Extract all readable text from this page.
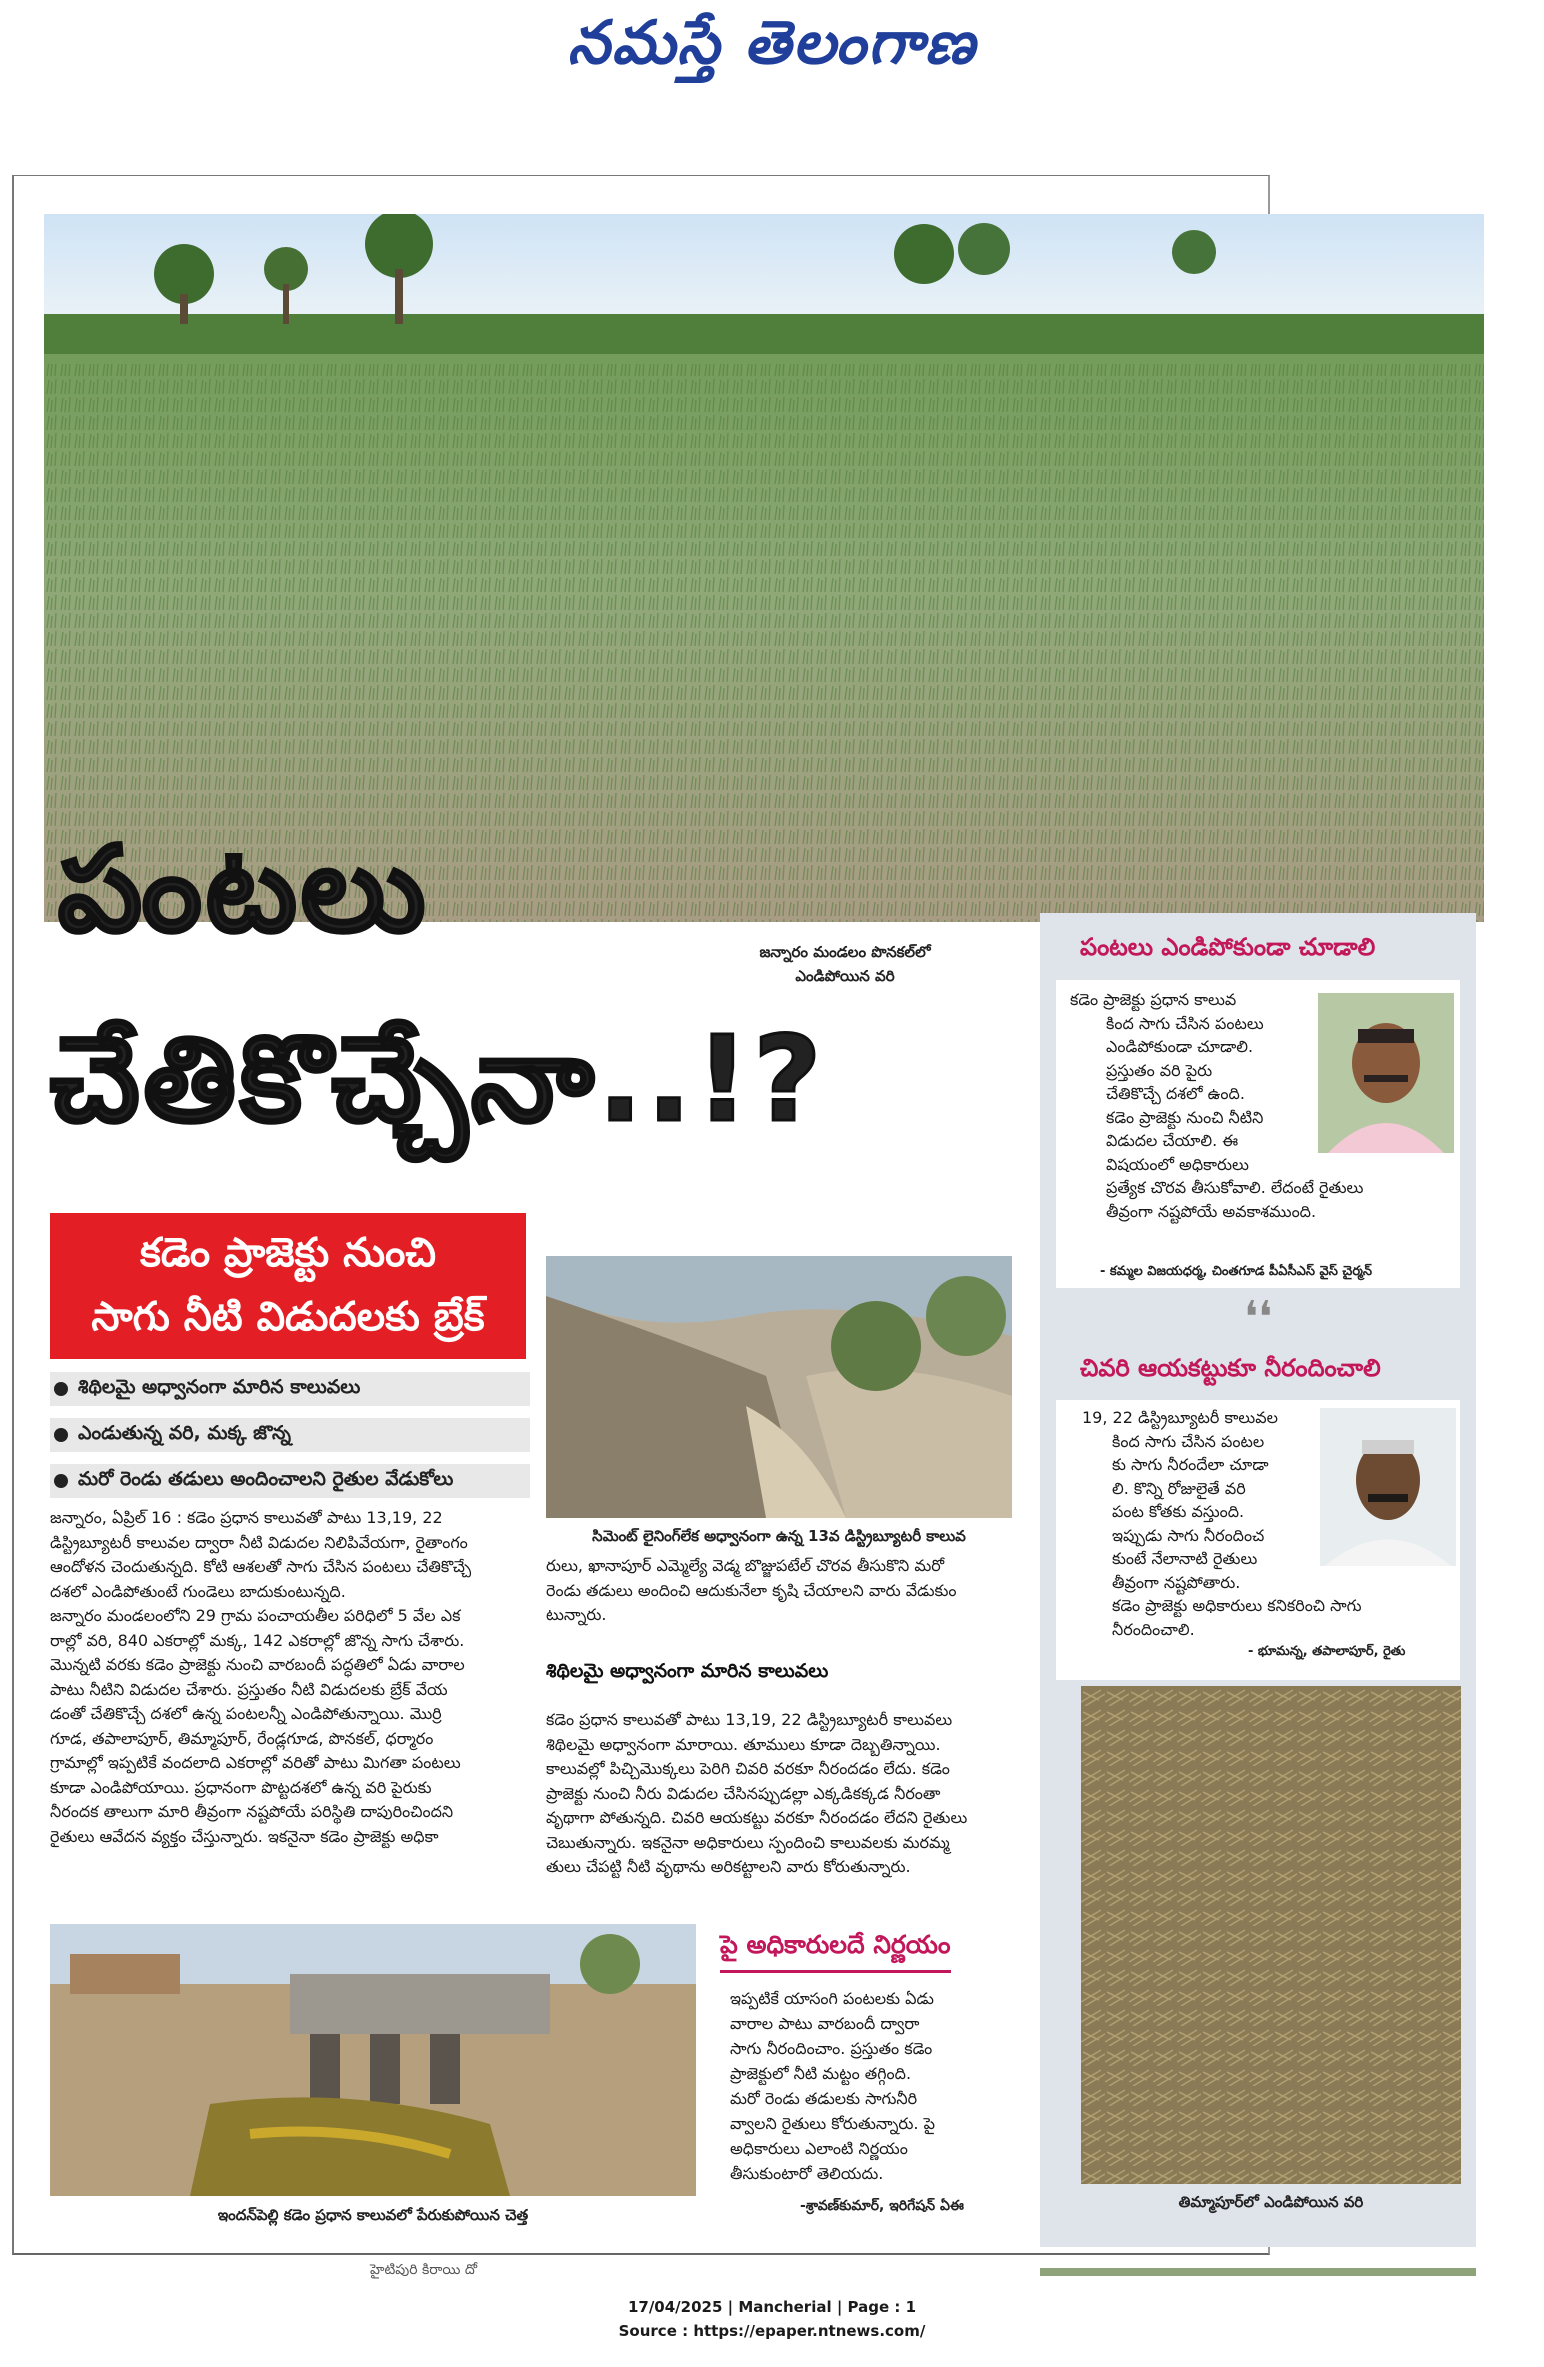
నమస్తే తెలంగాణ
పంటలు
చేతికొచ్చేనా..!?
జన్నారం మండలం పొనకల్‌లో
ఎండిపోయిన వరి
కడెం ప్రాజెక్టు నుంచి
సాగు నీటి విడుదలకు బ్రేక్
శిథిలమై అధ్వానంగా మారిన కాలువలు
ఎండుతున్న వరి, మక్క జొన్న
మరో రెండు తడులు అందించాలని రైతుల వేడుకోలు
జన్నారం, ఏప్రిల్ 16 : కడెం ప్రధాన కాలువతో పాటు 13,19, 22
డిస్ట్రిబ్యూటరీ కాలువల ద్వారా నీటి విడుదల నిలిపివేయగా, రైతాంగం
ఆందోళన చెందుతున్నది. కోటి ఆశలతో సాగు చేసిన పంటలు చేతికొచ్చే
దశలో ఎండిపోతుంటే గుండెలు బాదుకుంటున్నది.
జన్నారం మండలంలోని 29 గ్రామ పంచాయతీల పరిధిలో 5 వేల ఎక
రాల్లో వరి, 840 ఎకరాల్లో మక్క, 142 ఎకరాల్లో జొన్న సాగు చేశారు.
మొన్నటి వరకు కడెం ప్రాజెక్టు నుంచి వారబందీ పద్ధతిలో ఏడు వారాల
పాటు నీటిని విడుదల చేశారు. ప్రస్తుతం నీటి విడుదలకు బ్రేక్ వేయ
డంతో చేతికొచ్చే దశలో ఉన్న పంటలన్నీ ఎండిపోతున్నాయి. మొర్రి
గూడ, తపాలాపూర్, తిమ్మాపూర్, రేండ్లగూడ, పొనకల్, ధర్మారం
గ్రామాల్లో ఇప్పటికే వందలాది ఎకరాల్లో వరితో పాటు మిగతా పంటలు
కూడా ఎండిపోయాయి. ప్రధానంగా పొట్టదశలో ఉన్న వరి పైరుకు
నీరందక తాలుగా మారి తీవ్రంగా నష్టపోయే పరిస్థితి దాపురించిందని
రైతులు ఆవేదన వ్యక్తం చేస్తున్నారు. ఇకనైనా కడెం ప్రాజెక్టు అధికా
సిమెంట్ లైనింగ్‌లేక అధ్వానంగా ఉన్న 13వ డిస్ట్రిబ్యూటరీ కాలువ
రులు, ఖానాపూర్ ఎమ్మెల్యే వెడ్మ బొజ్జుపటేల్ చొరవ తీసుకొని మరో
రెండు తడులు అందించి ఆదుకునేలా కృషి చేయాలని వారు వేడుకుం
టున్నారు.
శిథిలమై అధ్వానంగా మారిన కాలువలు
కడెం ప్రధాన కాలువతో పాటు 13,19, 22 డిస్ట్రిబ్యూటరీ కాలువలు
శిథిలమై అధ్వానంగా మారాయి. తూములు కూడా దెబ్బతిన్నాయి.
కాలువల్లో పిచ్చిమొక్కలు పెరిగి చివరి వరకూ నీరందడం లేదు. కడెం
ప్రాజెక్టు నుంచి నీరు విడుదల చేసినప్పుడల్లా ఎక్కడికక్కడ నీరంతా
వృథాగా పోతున్నది. చివరి ఆయకట్టు వరకూ నీరందడం లేదని రైతులు
చెబుతున్నారు. ఇకనైనా అధికారులు స్పందించి కాలువలకు మరమ్మ
తులు చేపట్టి నీటి వృథాను అరికట్టాలని వారు కోరుతున్నారు.
ఇందన్‌పెల్లి కడెం ప్రధాన కాలువలో పేరుకుపోయిన చెత్త
పై అధికారులదే నిర్ణయం
ఇప్పటికే యాసంగి పంటలకు ఏడు
వారాల పాటు వారబందీ ద్వారా
సాగు నీరందించాం. ప్రస్తుతం కడెం
ప్రాజెక్టులో నీటి మట్టం తగ్గింది.
మరో రెండు తడులకు సాగునీరి
వ్వాలని రైతులు కోరుతున్నారు. పై
అధికారులు ఎలాంటి నిర్ణయం
తీసుకుంటారో తెలియదు.
-శ్రావణ్‌కుమార్, ఇరిగేషన్ ఏఈ
పంటలు ఎండిపోకుండా చూడాలి
కడెం ప్రాజెక్టు ప్రధాన కాలువ
కింద సాగు చేసిన పంటలు
ఎండిపోకుండా చూడాలి.
ప్రస్తుతం వరి పైరు
చేతికొచ్చే దశలో ఉంది.
కడెం ప్రాజెక్టు నుంచి నీటిని
విడుదల చేయాలి. ఈ
విషయంలో అధికారులు
ప్రత్యేక చొరవ తీసుకోవాలి. లేదంటే రైతులు
తీవ్రంగా నష్టపోయే అవకాశముంది.
- కమ్మల విజయధర్మ, చింతగూడ పీఏసీఎస్ వైస్ చైర్మన్
❛❛
చివరి ఆయకట్టుకూ నీరందించాలి
19, 22 డిస్ట్రిబ్యూటరీ కాలువల
కింద సాగు చేసిన పంటల
కు సాగు నీరందేలా చూడా
లి. కొన్ని రోజులైతే వరి
పంట కోతకు వస్తుంది.
ఇప్పుడు సాగు నీరందించ
కుంటే నేలానాటి రైతులు
తీవ్రంగా నష్టపోతారు.
కడెం ప్రాజెక్టు అధికారులు కనికరించి సాగు
నీరందించాలి.
- భూమన్న, తపాలాపూర్, రైతు
తిమ్మాపూర్‌లో ఎండిపోయిన వరి
హైటిపురి కిరాయి దో
17/04/2025 | Mancherial | Page : 1
Source : https://epaper.ntnews.com/
